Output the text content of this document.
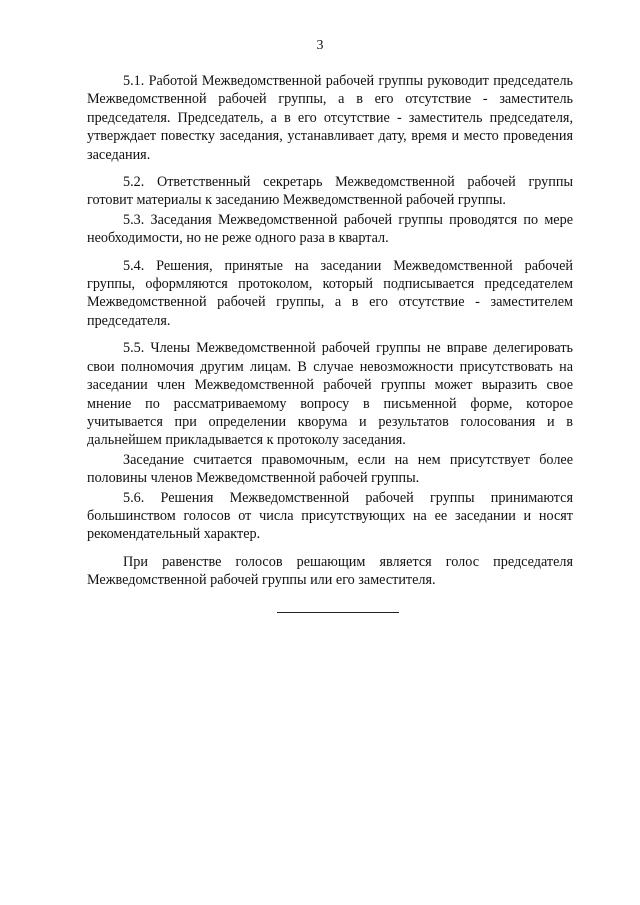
3

5.1. Работой Межведомственной рабочей группы руководит председатель Межведомственной рабочей группы, а в его отсутствие - заместитель председателя. Председатель, а в его отсутствие - заместитель председателя, утверждает повестку заседания, устанавливает дату, время и место проведения заседания.

5.2. Ответственный секретарь Межведомственной рабочей группы готовит материалы к заседанию Межведомственной рабочей группы.

5.3. Заседания Межведомственной рабочей группы проводятся по мере необходимости, но не реже одного раза в квартал.

5.4. Решения, принятые на заседании Межведомственной рабочей группы, оформляются протоколом, который подписывается председателем Межведомственной рабочей группы, а в его отсутствие - заместителем председателя.

5.5. Члены Межведомственной рабочей группы не вправе делегировать свои полномочия другим лицам. В случае невозможности присутствовать на заседании член Межведомственной рабочей группы может выразить свое мнение по рассматриваемому вопросу в письменной форме, которое учитывается при определении кворума и результатов голосования и в дальнейшем прикладывается к протоколу заседания.

Заседание считается правомочным, если на нем присутствует более половины членов Межведомственной рабочей группы.

5.6. Решения Межведомственной рабочей группы принимаются большинством голосов от числа присутствующих на ее заседании и носят рекомендательный характер.

При равенстве голосов решающим является голос председателя Межведомственной рабочей группы или его заместителя.
